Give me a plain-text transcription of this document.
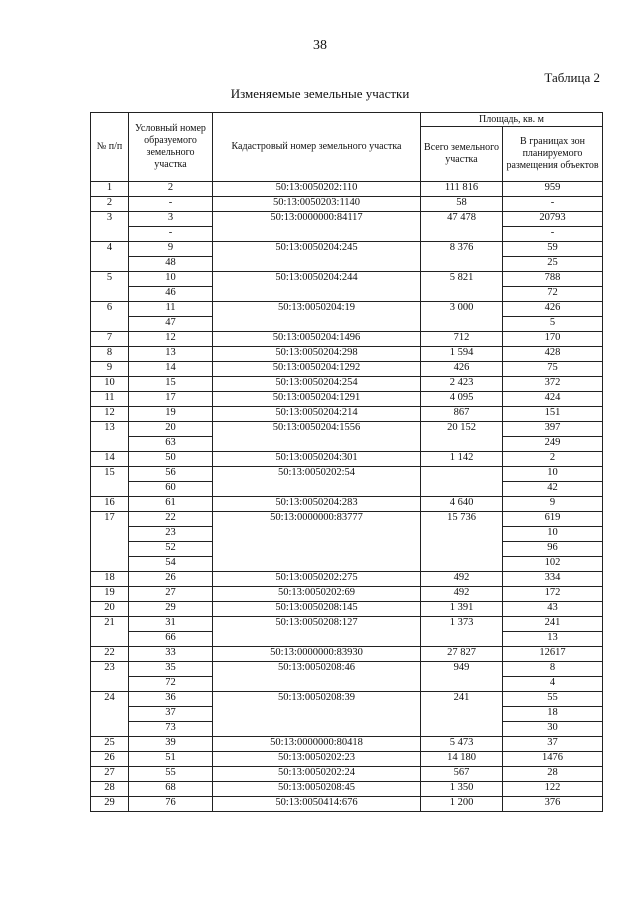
38
Таблица 2
Изменяемые земельные участки
№ п/п	Условный номер образуемого земельного участка	Кадастровый номер земельного участка	Площадь, кв. м	
			Всего земельного участка	В границах зон планируемого размещения объектов
1	2	50:13:0050202:110	111 816	959
2	-	50:13:0050203:1140	58	-
3	3	50:13:0000000:84117	47 478	20793
	-			-
4	9	50:13:0050204:245	8 376	59
	48			25
5	10	50:13:0050204:244	5 821	788
	46			72
6	11	50:13:0050204:19	3 000	426
	47			5
7	12	50:13:0050204:1496	712	170
8	13	50:13:0050204:298	1 594	428
9	14	50:13:0050204:1292	426	75
10	15	50:13:0050204:254	2 423	372
11	17	50:13:0050204:1291	4 095	424
12	19	50:13:0050204:214	867	151
13	20	50:13:0050204:1556	20 152	397
	63			249
14	50	50:13:0050204:301	1 142	2
15	56	50:13:0050202:54		10
	60			42
16	61	50:13:0050204:283	4 640	9
17	22	50:13:0000000:83777	15 736	619
	23			10
	52			96
	54			102
18	26	50:13:0050202:275	492	334
19	27	50:13:0050202:69	492	172
20	29	50:13:0050208:145	1 391	43
21	31	50:13:0050208:127	1 373	241
	66			13
22	33	50:13:0000000:83930	27 827	12617
23	35	50:13:0050208:46	949	8
	72			4
24	36	50:13:0050208:39	241	55
	37			18
	73			30
25	39	50:13:0000000:80418	5 473	37
26	51	50:13:0050202:23	14 180	1476
27	55	50:13:0050202:24	567	28
28	68	50:13:0050208:45	1 350	122
29	76	50:13:0050414:676	1 200	376
